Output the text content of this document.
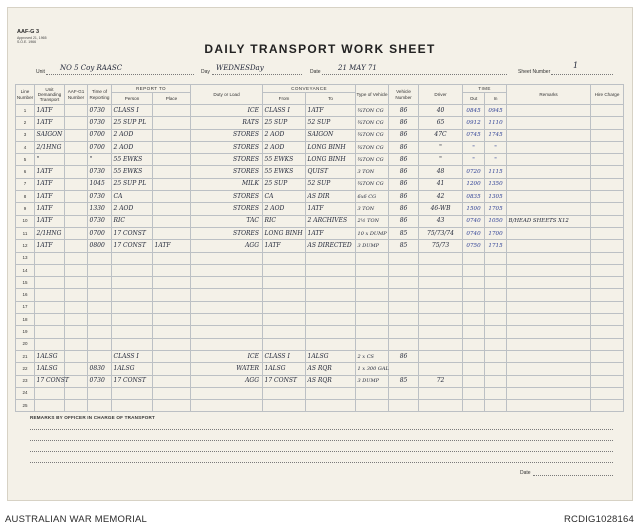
AAF-G 3
Approved 21, 1965
S.O.E. 1966	DAILY TRANSPORT WORK SHEET
Unit NO 5 Coy RAASC	Day WEDNESDay	Date 21 MAY 71	Sheet Number
1
Line Number	Unit Demanding Transport	AAF-G1 Number	Time of Reporting	REPORT TO		Duty or Load	CONVEYANCE		Type of Vehicle	Vehicle Number	Driver	TIME		Remarks	Hire Charge
				Person	Place		From	To				Out	In		
1	1ATF		0730	CLASS I		ICE	CLASS I	1ATF	¾TON CG	86	40	0845	0945		
2	1ATF		0730	25 SUP PL		RATS	25 SUP	52 SUP	¾TON CG	86	65	0912	1110		
3	SAIGON		0700	2 AOD		STORES	2 AOD	SAIGON	¾TON CG	86	47C	0745	1745		
4	2/1HNG		0700	2 AOD		STORES	2 AOD	LONG BINH	¾TON CG	86	"	"	"		
5	"		"	55 EWKS		STORES	55 EWKS	LONG BINH	¾TON CG	86	"	"	"		
6	1ATF		0730	55 EWKS		STORES	55 EWKS	QUIST	3 TON	86	48	0720	1115		
7	1ATF		1045	25 SUP PL		MILK	25 SUP	52 SUP	¾TON CG	86	41	1200	1350		
8	1ATF		0730	CA		STORES	CA	AS DIR	6x6 CG	86	42	0835	1305		
9	1ATF		1330	2 AOD		STORES	2 AOD	1ATF	3 TON	86	46-WB	1500	1705		
10	1ATF		0730	RIC		TAC	RIC	2 ARCHIVES	2½ TON	86	43	0740	1050	B/HEAD SHEETS X12	
11	2/1HNG		0700	17 CONST		STORES	LONG BINH	1ATF	10 x DUMP	85	75/73/74	0740	1700		
12	1ATF		0800	17 CONST	1ATF	AGG	1ATF	AS DIRECTED	3 DUMP	85	75/73	0750	1715		
13															
14															
15															
16															
17															
18															
19															
20															
21	1ALSG			CLASS I		ICE	CLASS I	1ALSG	2 x CS	86					
22	1ALSG		0830	1ALSG		WATER	1ALSG	AS RQR	1 x 300 GAL						
23	17 CONST		0730	17 CONST		AGG	17 CONST	AS RQR	3 DUMP	85	72				
24															
25															
REMARKS BY OFFICER IN CHARGE OF TRANSPORT
Date
AUSTRALIAN WAR MEMORIAL	RCDIG1028164
